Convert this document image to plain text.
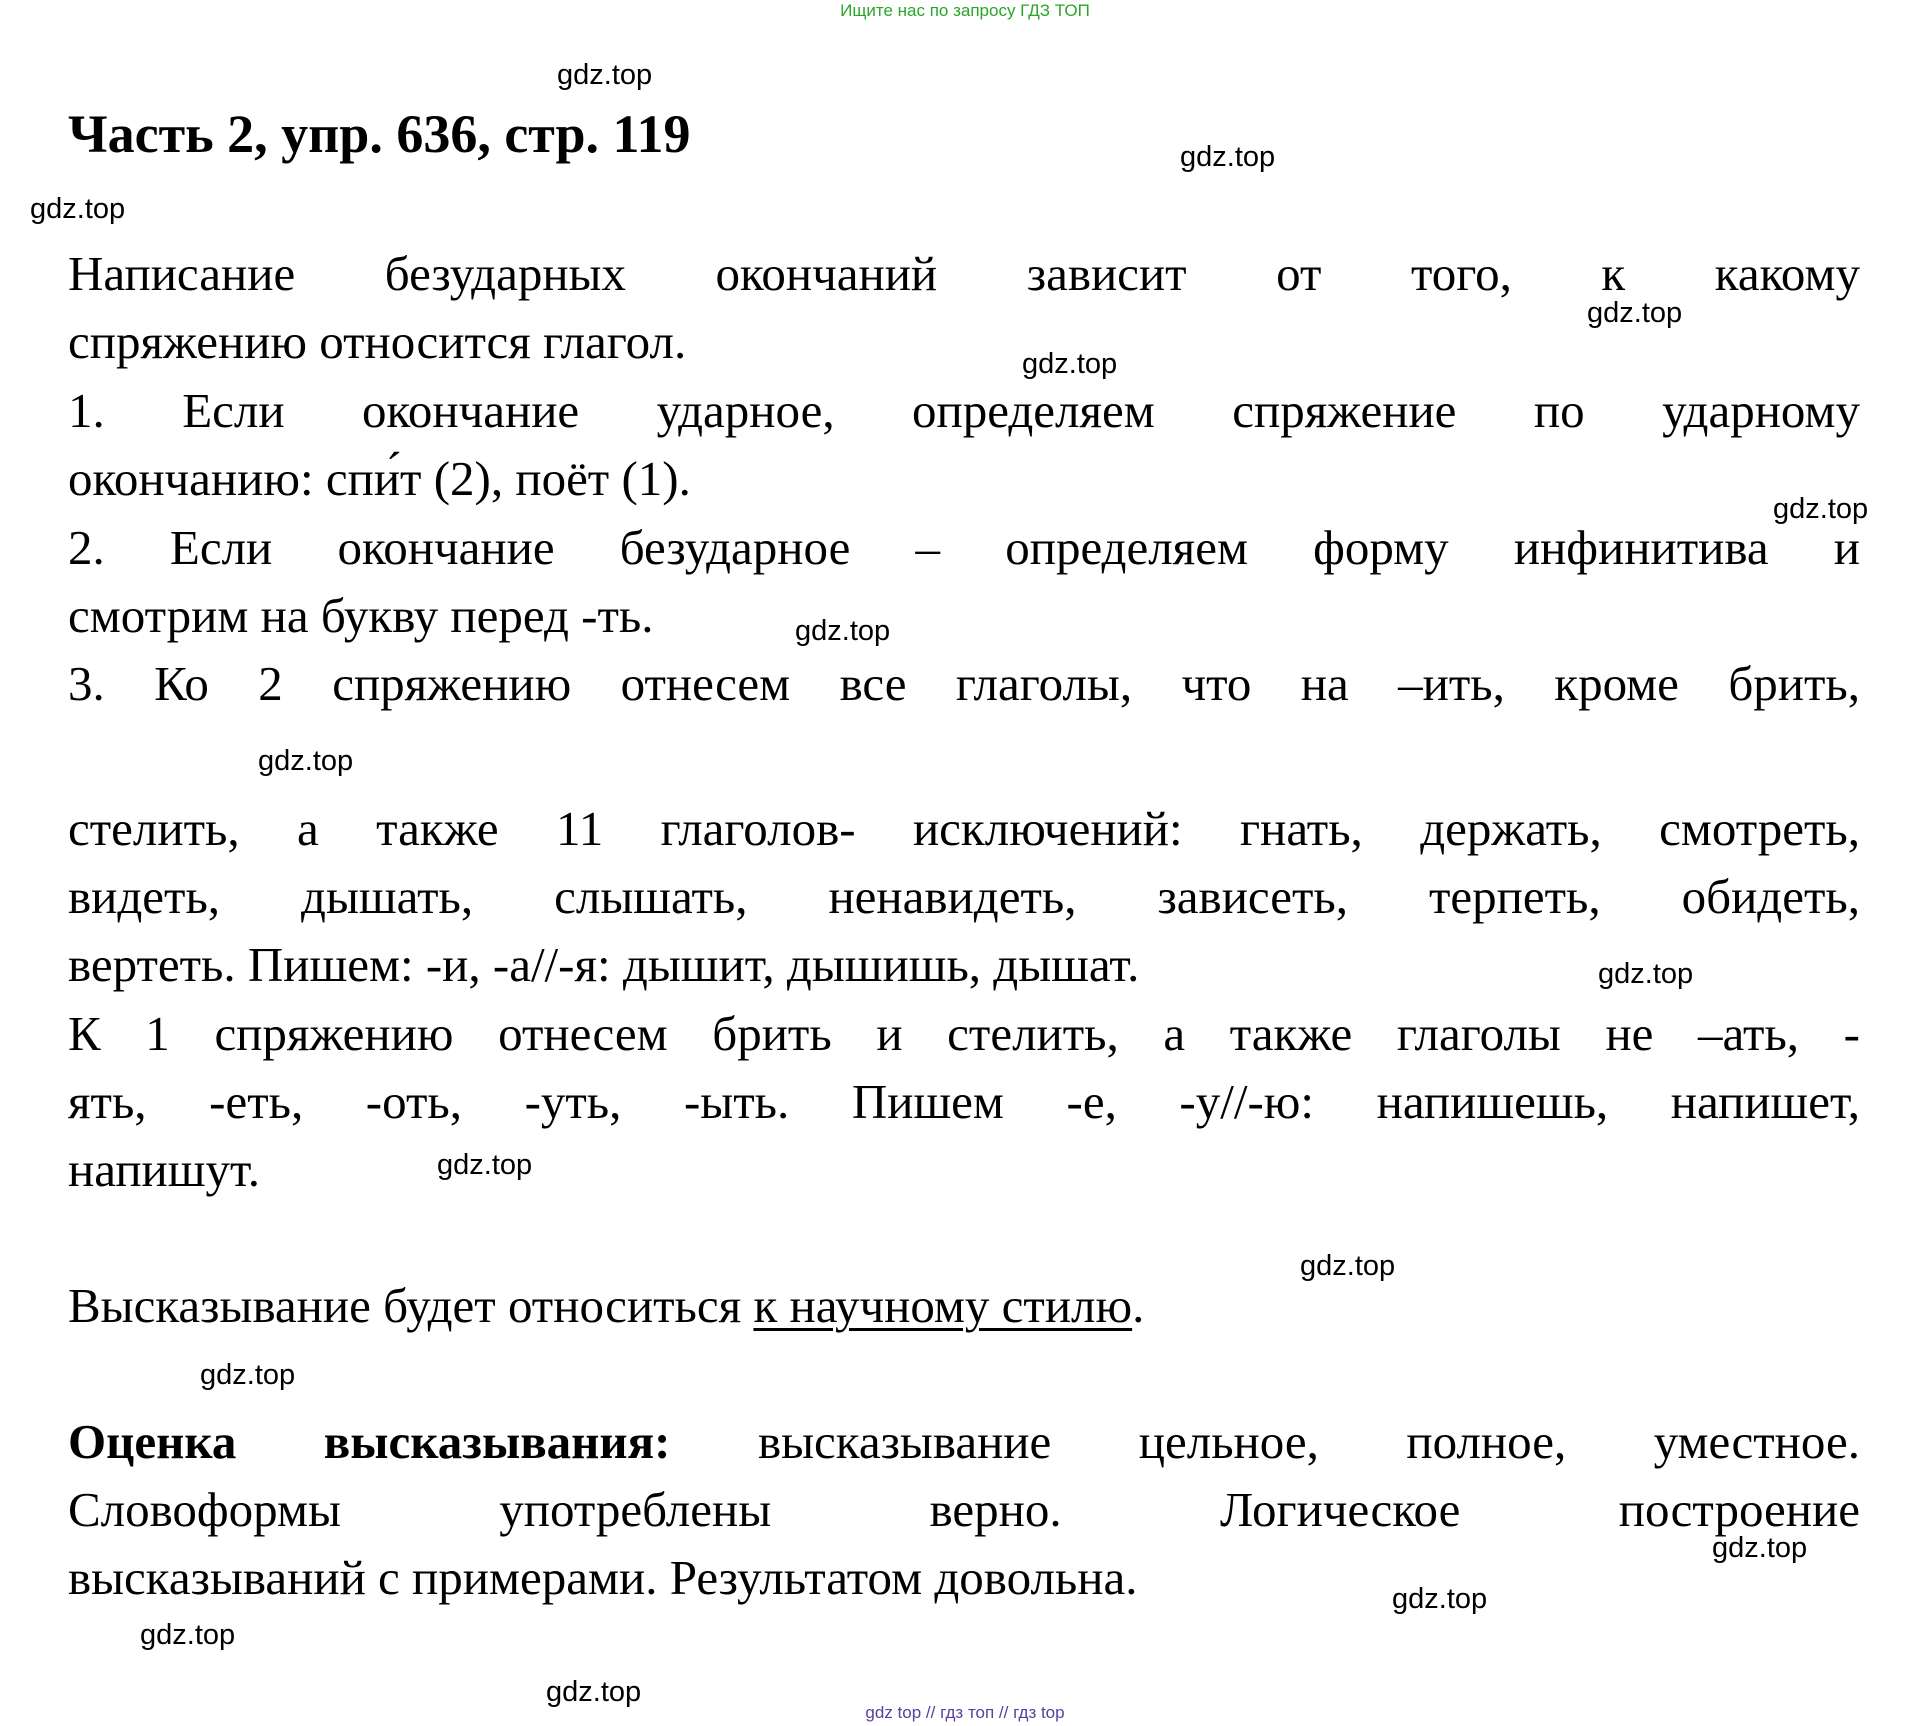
Ищите нас по запросу ГДЗ ТОП
Часть 2, упр. 636, стр. 119
Написание безударных окончаний зависит от того, к какому
спряжению относится глагол.
1. Если окончание ударное, определяем спряжение по ударному
окончанию: спи́т (2), поёт (1).
2. Если окончание безударное – определяем форму инфинитива и
смотрим на букву перед -ть.
3. Ко 2 спряжению отнесем все глаголы, что на –ить, кроме брить,
стелить, а также 11 глаголов- исключений: гнать, держать, смотреть,
видеть, дышать, слышать, ненавидеть, зависеть, терпеть, обидеть,
вертеть. Пишем: -и, -а//-я: дышит, дышишь, дышат.
К 1 спряжению отнесем брить и стелить, а также глаголы не –ать, -
ять, -еть, -оть, -уть, -ыть. Пишем -е, -у//-ю: напишешь, напишет,
напишут.
Высказывание будет относиться к научному стилю.
Оценка высказывания: высказывание цельное, полное, уместное.
Словоформы употреблены верно. Логическое построение
высказываний с примерами. Результатом довольна.
gdz.top
gdz.top
gdz.top
gdz.top
gdz.top
gdz.top
gdz.top
gdz.top
gdz.top
gdz.top
gdz.top
gdz.top
gdz.top
gdz.top
gdz.top
gdz.top
gdz top // гдз топ // гдз top
